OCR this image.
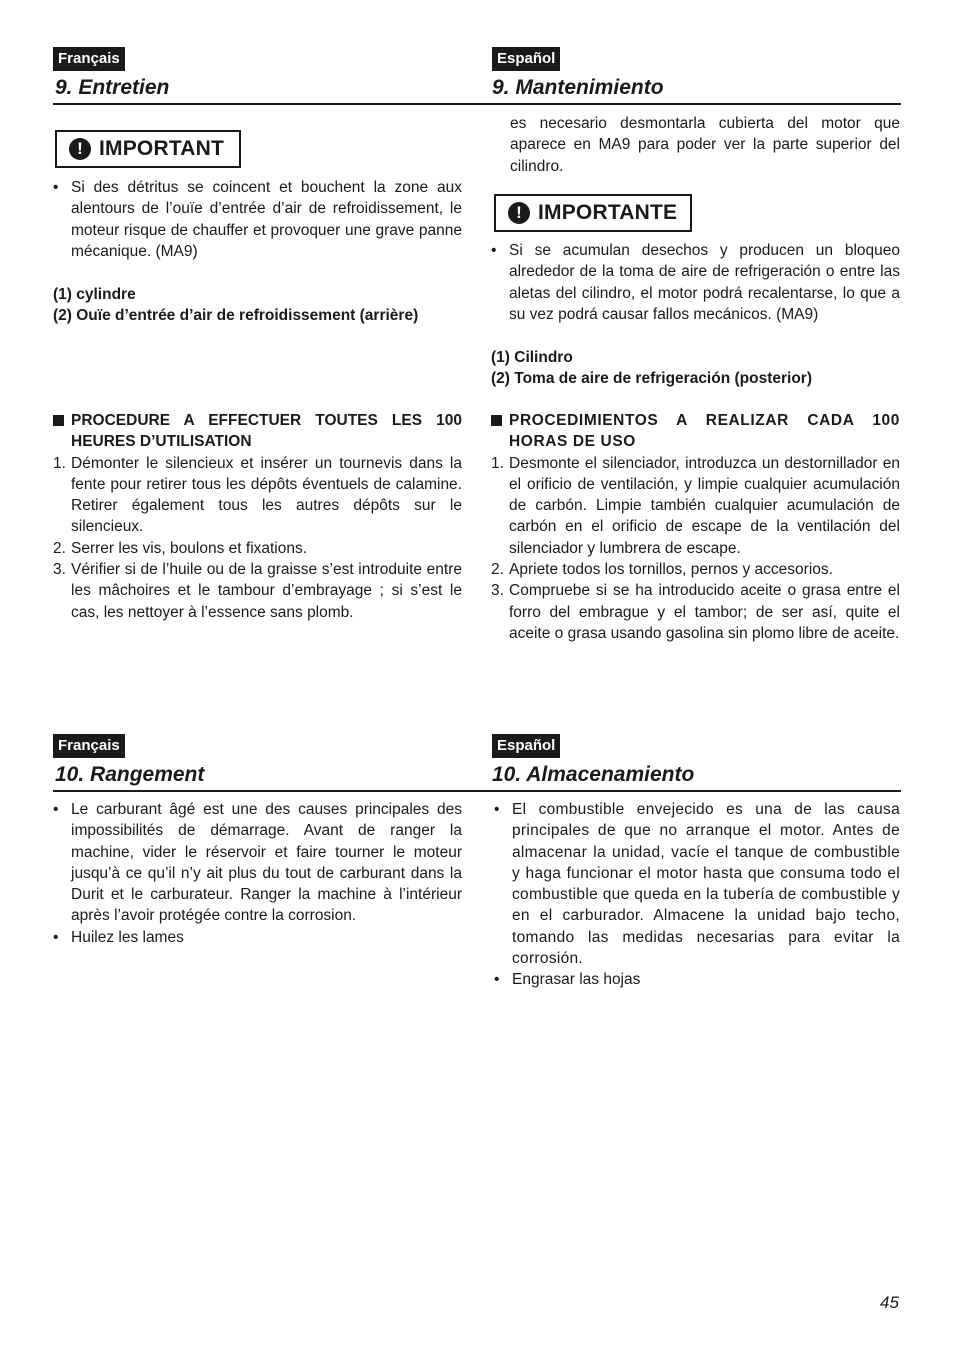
Français
9. Entretien
Español
9. Mantenimiento
! IMPORTANT
• Si des détritus se coincent et bouchent la zone aux alentours de l’ouïe d’entrée d’air de refroidissement, le moteur risque de chauffer et provoquer une grave panne mécanique. (MA9)

(1) cylindre

(2) Ouïe d’entrée d’air de refroidissement (arrière)

es necesario desmontarla cubierta del motor que aparece en MA9 para poder ver la parte superior del cilindro.
! IMPORTANTE
• Si se acumulan desechos y producen un bloqueo alrededor de la toma de aire de refrigeración o entre las aletas del cilindro, el motor podrá recalentarse, lo que a su vez podrá causar fallos mecánicos. (MA9)

(1) Cilindro

(2) Toma de aire de refrigeración (posterior)

PROCEDURE A EFFECTUER TOUTES LES 100 HEURES D’UTILISATION
1. Démonter le silencieux et insérer un tournevis dans la fente pour retirer tous les dépôts éventuels de calamine. Retirer également tous les autres dépôts sur le silencieux.
2. Serrer les vis, boulons et fixations.
3. Vérifier si de l’huile ou de la graisse s’est introduite entre les mâchoires et le tambour d’embrayage ; si s’est le cas, les nettoyer à l’essence sans plomb.
PROCEDIMIENTOS A REALIZAR CADA 100 HORAS DE USO
1. Desmonte el silenciador, introduzca un destornillador en el orificio de ventilación, y limpie cualquier acumulación de carbón. Limpie también cualquier acumulación de carbón en el orificio de escape de la ventilación del silenciador y lumbrera de escape.
2. Apriete todos los tornillos, pernos y accesorios.
3. Compruebe si se ha introducido aceite o grasa entre el forro del embrague y el tambor; de ser así, quite el aceite o grasa usando gasolina sin plomo libre de aceite.
Français
10. Rangement
Español
10. Almacenamiento
• Le carburant âgé est une des causes principales des impossibilités de démarrage. Avant de ranger la machine, vider le réservoir et faire tourner le moteur jusqu’à ce qu’il n’y ait plus du tout de carburant dans la Durit et le carburateur. Ranger la machine à l’intérieur après l’avoir protégée contre la corrosion.
• Huilez les lames
• El combustible envejecido es una de las causa principales de que no arranque el motor. Antes de almacenar la unidad, vacíe el tanque de combustible y haga funcionar el motor hasta que consuma todo el combustible que queda en la tubería de combustible y en el carburador. Almacene la unidad bajo techo, tomando las medidas necesarias para evitar la corrosión.
• Engrasar las hojas
45
